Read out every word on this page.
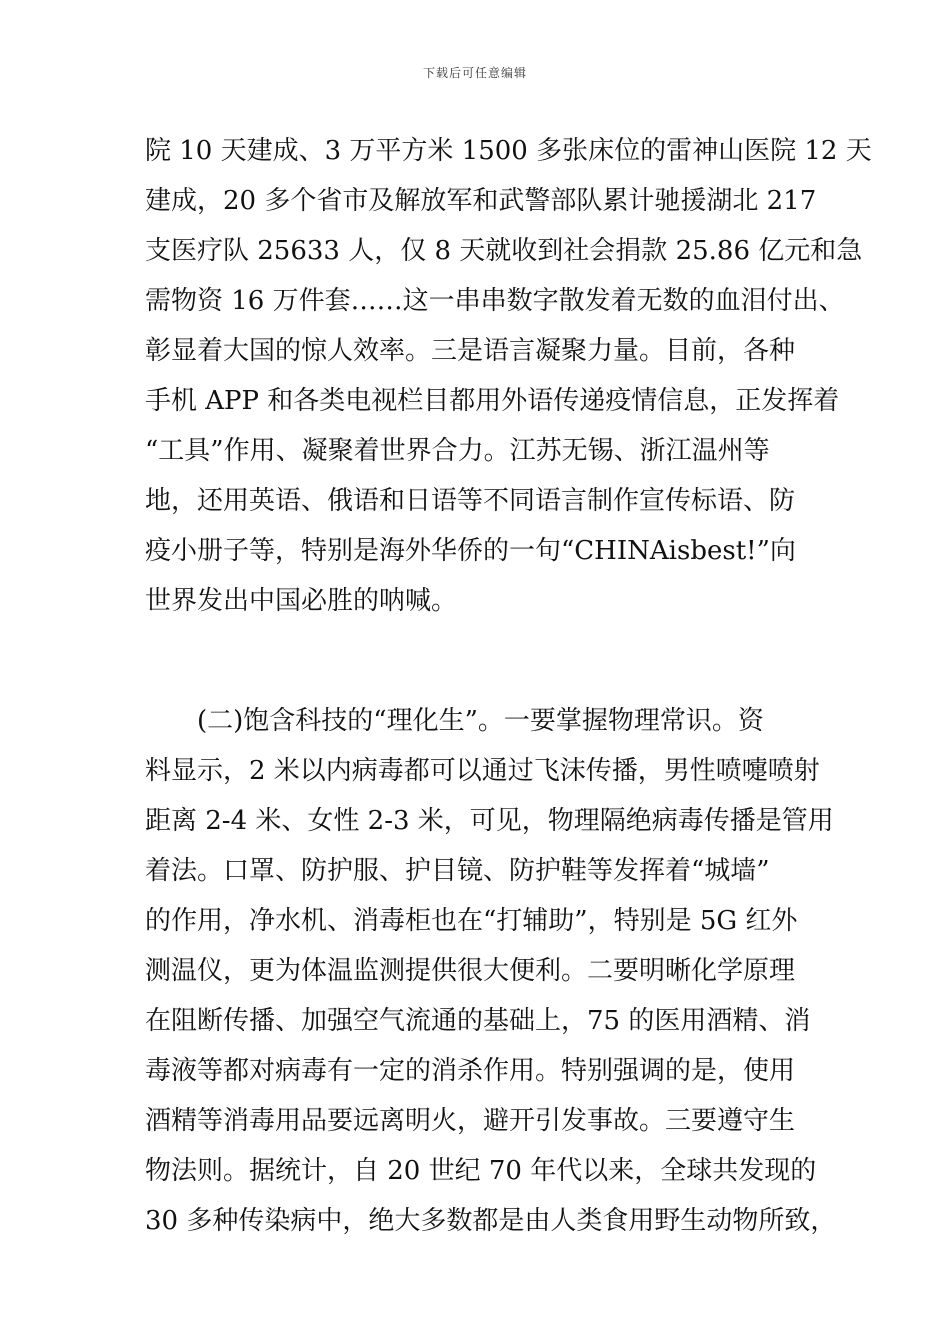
下载后可任意编辑
院 10 天建成、3 万平方米 1500 多张床位的雷神山医院 12 天
建成，20 多个省市及解放军和武警部队累计驰援湖北 217
支医疗队 25633 人，仅 8 天就收到社会捐款 25.86 亿元和急
需物资 16 万件套……这一串串数字散发着无数的血泪付出、
彰显着大国的惊人效率。三是语言凝聚力量。目前，各种
手机 APP 和各类电视栏目都用外语传递疫情信息，正发挥着
“工具”作用、凝聚着世界合力。江苏无锡、浙江温州等
地，还用英语、俄语和日语等不同语言制作宣传标语、防
疫小册子等，特别是海外华侨的一句“CHINAisbest!”向
世界发出中国必胜的呐喊。
(二)饱含科技的“理化生”。一要掌握物理常识。资
料显示，2 米以内病毒都可以通过飞沫传播，男性喷嚏喷射
距离 2-4 米、女性 2-3 米，可见，物理隔绝病毒传播是管用
着法。口罩、防护服、护目镜、防护鞋等发挥着“城墙”
的作用，净水机、消毒柜也在“打辅助”，特别是 5G 红外
测温仪，更为体温监测提供很大便利。二要明晰化学原理
在阻断传播、加强空气流通的基础上，75 的医用酒精、消
毒液等都对病毒有一定的消杀作用。特别强调的是，使用
酒精等消毒用品要远离明火，避开引发事故。三要遵守生
物法则。据统计，自 20 世纪 70 年代以来，全球共发现的
30 多种传染病中，绝大多数都是由人类食用野生动物所致，
